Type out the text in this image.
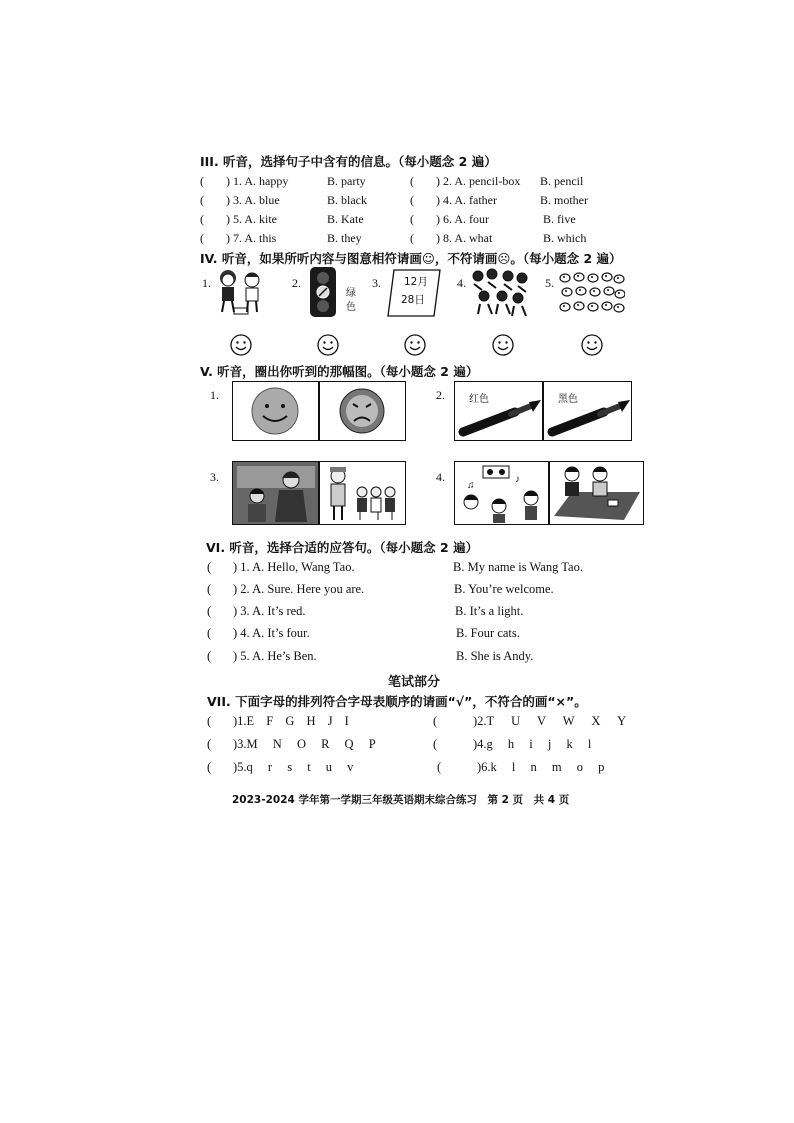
III. 听音，选择句子中含有的信息。（每小题念 2 遍）
( ) 1. A. happy	B. party	( ) 2. A. pencil-box B. pencil
( ) 3. A. blue	B. black	( ) 4. A. father	B. mother
( ) 5. A. kite	B. Kate	( ) 6. A. four	B. five
( ) 7. A. this	B. they	( ) 8. A. what	B. which
IV. 听音，如果所听内容与图意相符请画☺，不符请画☹。（每小题念 2 遍）
1.	2.
绿色
3. 12月
28日
4.	5.
V. 听音，圈出你听到的那幅图。（每小题念 2 遍）
1.	2. 红色	黑色
3.	4.	♪
♫
VI. 听音，选择合适的应答句。（每小题念 2 遍）
( ) 1. A. Hello, Wang Tao.	B. My name is Wang Tao.
( ) 2. A. Sure. Here you are.	B. You’re welcome.
( ) 3. A. It’s red.	B. It’s a light.
( ) 4. A. It’s four.	B. Four cats.
( ) 5. A. He’s Ben.	B. She is Andy.
笔试部分
VII. 下面字母的排列符合字母表顺序的请画“√”，不符合的画“×”。
( )1.E F G H J I	(	)2.T U V W X Y
( )3.M N O R Q P	(	)4.g h i j k l
( )5.q r s t u v	(	)6.k l n m o p
2023-2024 学年第一学期三年级英语期末综合练习　第 2 页　共 4 页
